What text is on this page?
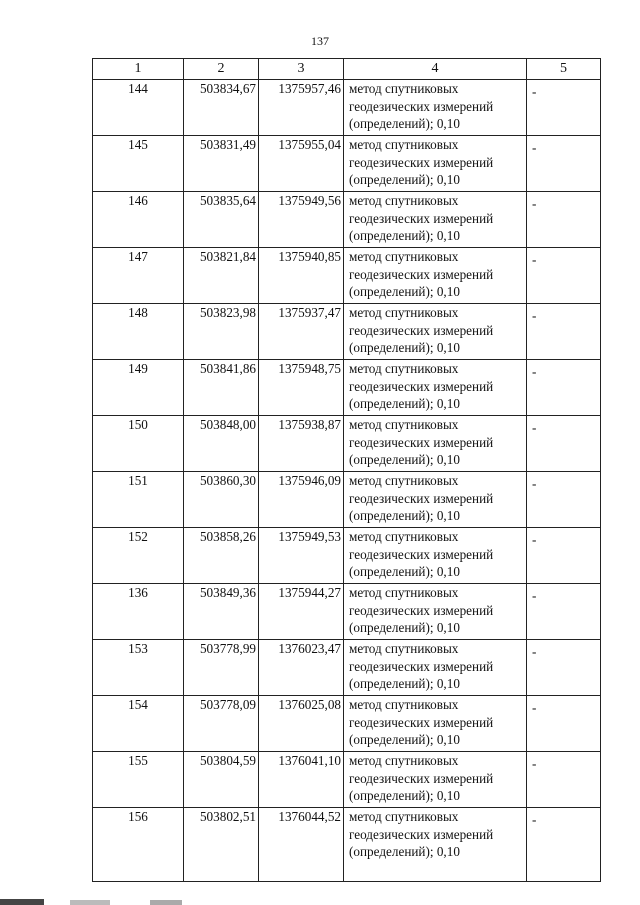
137
1	2	3	4	5
144	503834,67	1375957,46	метод спутниковых
геодезических измерений
(определений); 0,10	-
145	503831,49	1375955,04	метод спутниковых
геодезических измерений
(определений); 0,10	-
146	503835,64	1375949,56	метод спутниковых
геодезических измерений
(определений); 0,10	-
147	503821,84	1375940,85	метод спутниковых
геодезических измерений
(определений); 0,10	-
148	503823,98	1375937,47	метод спутниковых
геодезических измерений
(определений); 0,10	-
149	503841,86	1375948,75	метод спутниковых
геодезических измерений
(определений); 0,10	-
150	503848,00	1375938,87	метод спутниковых
геодезических измерений
(определений); 0,10	-
151	503860,30	1375946,09	метод спутниковых
геодезических измерений
(определений); 0,10	-
152	503858,26	1375949,53	метод спутниковых
геодезических измерений
(определений); 0,10	-
136	503849,36	1375944,27	метод спутниковых
геодезических измерений
(определений); 0,10	-
153	503778,99	1376023,47	метод спутниковых
геодезических измерений
(определений); 0,10	-
154	503778,09	1376025,08	метод спутниковых
геодезических измерений
(определений); 0,10	-
155	503804,59	1376041,10	метод спутниковых
геодезических измерений
(определений); 0,10	-
156	503802,51	1376044,52	метод спутниковых
геодезических измерений
(определений); 0,10	-
